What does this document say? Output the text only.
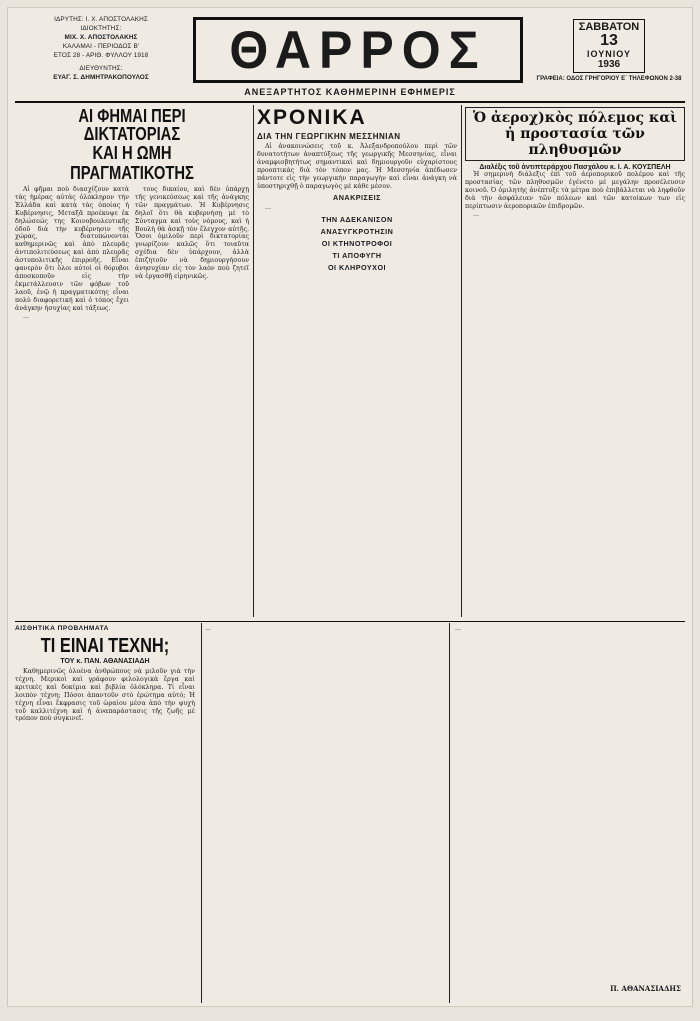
ΙΔΡΥΤΗΣ: Ι. Χ. ΑΠΟΣΤΟΛΑΚΗΣ
ΙΔΙΟΚΤΗΤΗΣ:
ΜΙΧ. Χ. ΑΠΟΣΤΟΛΑΚΗΣ
ΚΑΛΑΜΑΙ - ΠΕΡΙΟΔΟΣ Β'
ΕΤΟΣ 28 - ΑΡΙΘ. ΦΥΛΛΟΥ 1918
ΔΙΕΥΘΥΝΤΗΣ:
ΕΥΑΓ. Σ. ΔΗΜΗΤΡΑΚΟΠΟΥΛΟΣ	ΘΑΡΡΟΣ	ΣΑΒΒΑΤΟΝ
13
ΙΟΥΝΙΟΥ
1936
ΓΡΑΦΕΙΑ: ΟΔΟΣ ΓΡΗΓΟΡΙΟΥ Ε΄ ΤΗΛΕΦΩΝΟΝ 2-38
ΑΝΕΞΑΡΤΗΤΟΣ ΚΑΘΗΜΕΡΙΝΗ ΕΦΗΜΕΡΙΣ
ΑΙ ΦΗΜΑΙ ΠΕΡΙ ΔΙΚΤΑΤΟΡΙΑΣ
ΚΑΙ Η ΩΜΗ ΠΡΑΓΜΑΤΙΚΟΤΗΣ

Αἱ φῆμαι ποὺ διασχίζουν κατὰ τὰς ἡμέρας αὐτὰς ὁλόκληρον τὴν Ἑλλάδα καὶ κατὰ τὰς ὁποίας ἡ Κυβέρνησις, Μεταξᾶ προέκυψε ἐκ δηλώσεώς της Κοινοβουλευτικῆς ὁδοῦ διὰ τὴν κυβέρνησιν τῆς χώρας, διατυπώνονται καθημερινῶς καὶ ἀπὸ πλευρᾶς ἀντιπολιτεύσεως καὶ ἀπὸ πλευρᾶς ἀστυπολιτικῆς ἐπιρροῆς. Εἶναι φανερὸν ὅτι ὅλοι αὐτοὶ οἱ θόρυβοι ἀποσκοποῦν εἰς τὴν ἐκμετάλλευσιν τῶν φόβων τοῦ λαοῦ, ἐνῷ ἡ πραγματικότης εἶναι πολὺ διαφορετική καὶ ὁ τόπος ἔχει ἀνάγκην ἡσυχίας καὶ τάξεως.

...

τους δικαίου, καὶ δὲν ὑπάρχῃ τῆς γενικεύσεως καὶ τῆς ἀνάγκης τῶν πραγμάτων. Ἡ Κυβέρνησις δηλοῖ ὅτι θὰ κυβερνήσῃ μὲ τὸ Σύνταγμα καὶ τοὺς νόμους, καὶ ἡ Βουλὴ θὰ ἀσκῇ τὸν ἔλεγχον αὐτῆς. Ὅσοι ὁμιλοῦν περὶ δικτατορίας γνωρίζουν καλῶς ὅτι τοιαῦτα σχέδια δὲν ὑπάρχουν, ἀλλὰ ἐπιζητοῦν νὰ δημιουργήσουν ἀνησυχίαν εἰς τὸν λαὸν ποὺ ζητεῖ νὰ ἐργασθῇ εἰρηνικῶς.

ΧΡΟΝΙΚΑ
ΔΙΑ ΤΗΝ ΓΕΩΡΓΙΚΗΝ ΜΕΣΣΗΝΙΑΝ

Αἱ ἀνακοινώσεις τοῦ κ. Ἀλεξανδροπούλου περὶ τῶν δυνατοτήτων ἀναπτύξεως τῆς γεωργικῆς Μεσσηνίας, εἶναι ἀναμφισβητήτως σημαντικαὶ καὶ δημιουργοῦν εὐχαρίστους προοπτικὰς διὰ τὸν τόπον μας. Ἡ Μεσσηνία ἀπέδωσεν πάντοτε εἰς τὴν γεωργικὴν παραγωγὴν καὶ εἶναι ἀνάγκη νὰ ὑποστηριχθῇ ὁ παραγωγὸς μὲ κάθε μέσον.

ΑΝΑΚΡΙΣΕΙΣ

...

ΤΗΝ ΑΔΕΚΑΝΙΣΟΝ
ΑΝΑΣΥΓΚΡΟΤΗΣΙΝ
ΟΙ ΚΤΗΝΟΤΡΟΦΟΙ
ΤΙ ΑΠΟΦΥΓΗ
ΟΙ ΚΛΗΡΟΥΧΟΙ
Ὁ ἀεροχ)κὸς πόλεμος καὶ
ἡ προστασία τῶν πληθυσμῶν
Διαλέξις τοῦ ἀντιπτεράρχου Πασχάλου κ. Ι. Α. ΚΟΥΣΠΕΛΗ

Ἡ σημερινὴ διάλεξις ἐπὶ τοῦ ἀεροπορικοῦ πολέμου καὶ τῆς προστασίας τῶν πληθυσμῶν ἐγένετο μὲ μεγάλην προσέλευσιν κοινοῦ. Ὁ ὁμιλητὴς ἀνέπτυξε τὰ μέτρα ποὺ ἐπιβάλλεται νὰ ληφθοῦν διὰ τὴν ἀσφάλειαν τῶν πόλεων καὶ τῶν κατοίκων των εἰς περίπτωσιν ἀεροπορικῶν ἐπιδρομῶν.

...

ΑΙΣΘΗΤΙΚΑ ΠΡΟΒΛΗΜΑΤΑ
ΤΙ ΕΙΝΑΙ ΤΕΧΝΗ;
ΤΟΥ κ. ΠΑΝ. ΑΘΑΝΑΣΙΑΔΗ

Καθημερινῶς ὁλοένα ἀνθρώπους νὰ μιλοῦν γιὰ τὴν τέχνη. Μερικοὶ καὶ γράφουν φιλολογικὰ ἔργα καὶ κριτικὲς καὶ δοκίμια καὶ βιβλία ὁλόκληρα. Τί εἶναι λοιπὸν τέχνη; Πόσοι ἀπαντοῦν στὸ ἐρώτημα αὐτό; Ἡ τέχνη εἶναι ἔκφρασις τοῦ ὡραίου μέσα ἀπὸ τὴν ψυχὴ τοῦ καλλιτέχνη καὶ ἡ ἀναπαράστασις τῆς ζωῆς μὲ τρόπον ποὺ συγκινεῖ.

...	...
Π. ΑΘΑΝΑΣΙΑΔΗΣ
